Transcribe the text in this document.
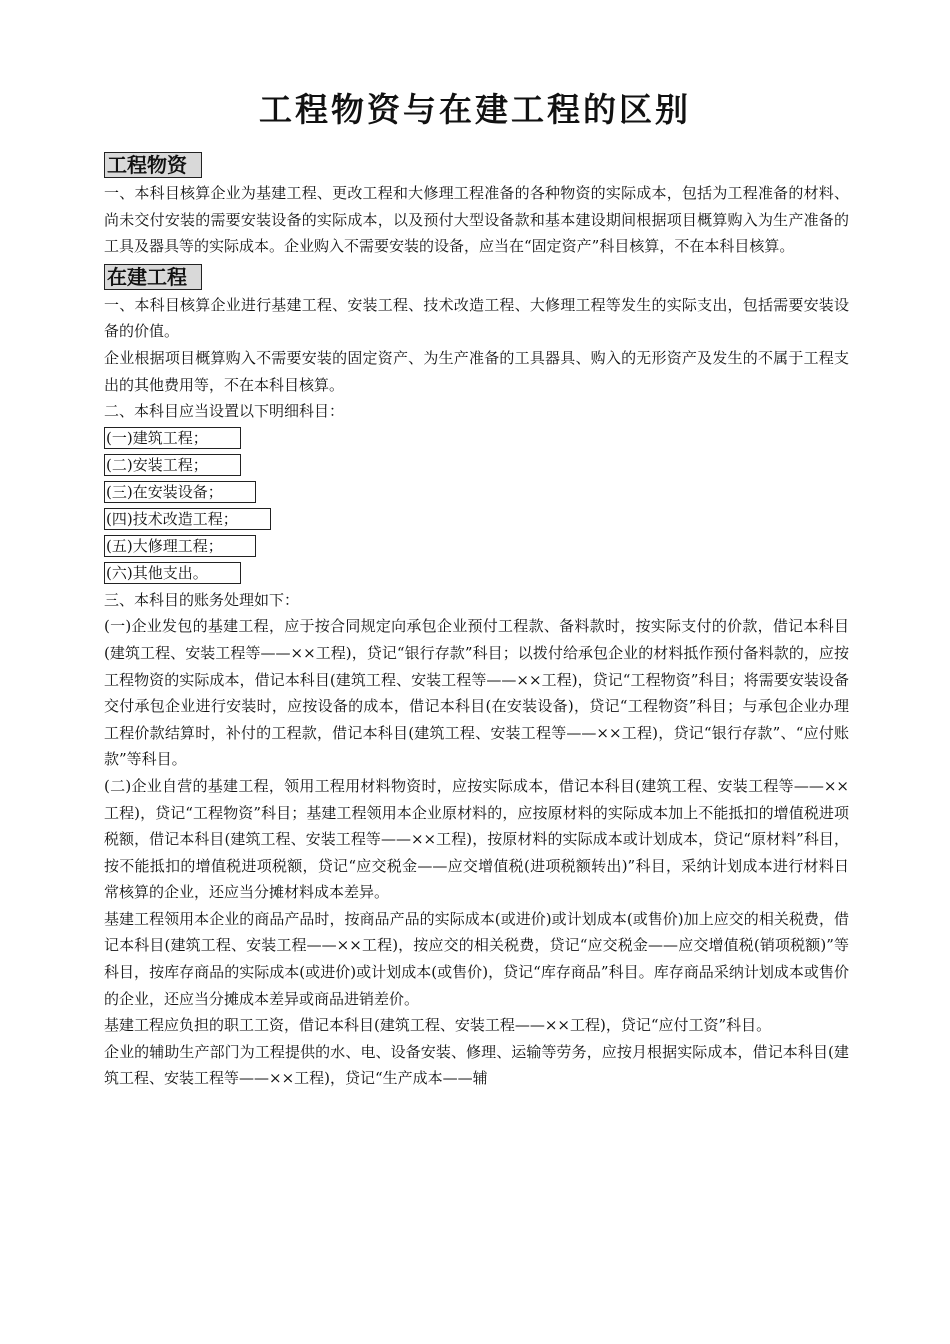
工程物资与在建工程的区别
工程物资

一、本科目核算企业为基建工程、更改工程和大修理工程准备的各种物资的实际成本，包括为工程准备的材料、尚未交付安装的需要安装设备的实际成本，以及预付大型设备款和基本建设期间根据项目概算购入为生产准备的工具及器具等的实际成本。企业购入不需要安装的设备，应当在“固定资产”科目核算，不在本科目核算。

在建工程

一、本科目核算企业进行基建工程、安装工程、技术改造工程、大修理工程等发生的实际支出，包括需要安装设备的价值。

企业根据项目概算购入不需要安装的固定资产、为生产准备的工具器具、购入的无形资产及发生的不属于工程支出的其他费用等，不在本科目核算。

二、本科目应当设置以下明细科目：

(一)建筑工程；
(二)安装工程；
(三)在安装设备；
(四)技术改造工程；
(五)大修理工程；
(六)其他支出。

三、本科目的账务处理如下：

(一)企业发包的基建工程，应于按合同规定向承包企业预付工程款、备料款时，按实际支付的价款，借记本科目(建筑工程、安装工程等——××工程)，贷记“银行存款”科目；以拨付给承包企业的材料抵作预付备料款的，应按工程物资的实际成本，借记本科目(建筑工程、安装工程等——××工程)，贷记“工程物资”科目；将需要安装设备交付承包企业进行安装时，应按设备的成本，借记本科目(在安装设备)，贷记“工程物资”科目；与承包企业办理工程价款结算时，补付的工程款，借记本科目(建筑工程、安装工程等——××工程)，贷记“银行存款”、“应付账款”等科目。

(二)企业自营的基建工程，领用工程用材料物资时，应按实际成本，借记本科目(建筑工程、安装工程等——××工程)，贷记“工程物资”科目；基建工程领用本企业原材料的，应按原材料的实际成本加上不能抵扣的增值税进项税额，借记本科目(建筑工程、安装工程等——××工程)，按原材料的实际成本或计划成本，贷记“原材料”科目，按不能抵扣的增值税进项税额，贷记“应交税金——应交增值税(进项税额转出)”科目，采纳计划成本进行材料日常核算的企业，还应当分摊材料成本差异。

基建工程领用本企业的商品产品时，按商品产品的实际成本(或进价)或计划成本(或售价)加上应交的相关税费，借记本科目(建筑工程、安装工程——××工程)，按应交的相关税费，贷记“应交税金——应交增值税(销项税额)”等科目，按库存商品的实际成本(或进价)或计划成本(或售价)，贷记“库存商品”科目。库存商品采纳计划成本或售价的企业，还应当分摊成本差异或商品进销差价。

基建工程应负担的职工工资，借记本科目(建筑工程、安装工程——××工程)，贷记“应付工资”科目。

企业的辅助生产部门为工程提供的水、电、设备安装、修理、运输等劳务，应按月根据实际成本，借记本科目(建筑工程、安装工程等——××工程)，贷记“生产成本——辅
